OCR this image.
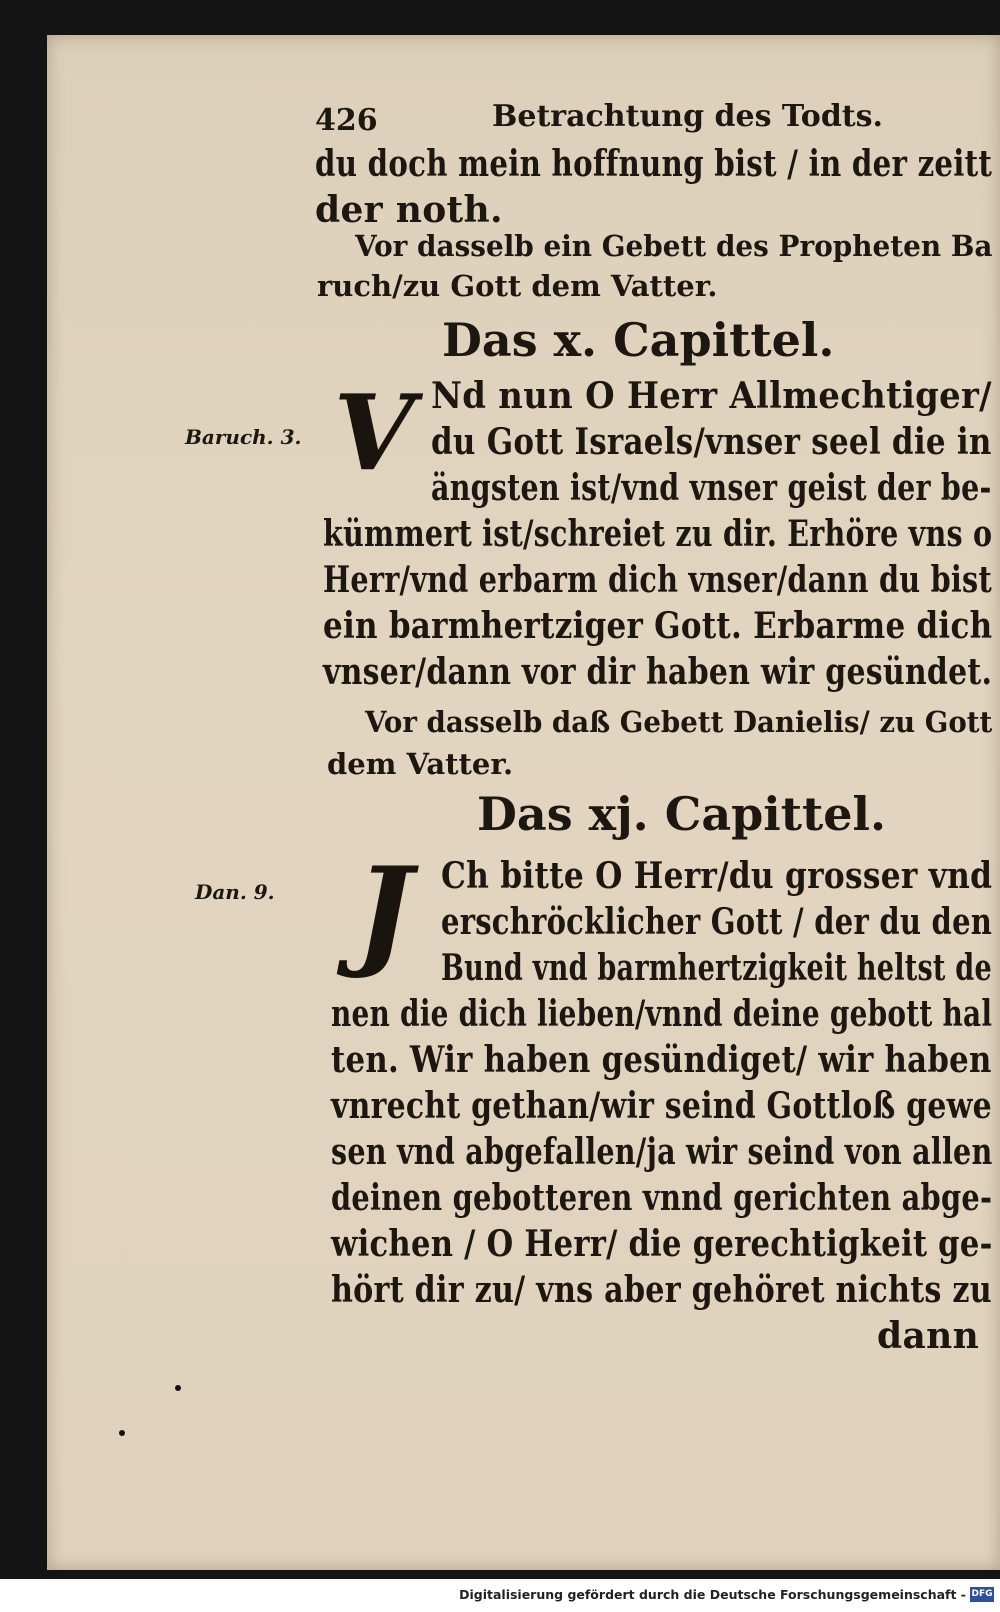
426	Betrachtung des Todts.
du doch mein hoffnung bist / in der zeitt
der noth.
Vor dasselb ein Gebett des Propheten Ba
ruch/zu Gott dem Vatter.
Das x. Capittel.
Baruch. 3. V Nd nun O Herr Allmechtiger/
du Gott Israels/vnser seel die in
ängsten ist/vnd vnser geist der be-
kümmert ist/schreiet zu dir. Erhöre vns o
Herr/vnd erbarm dich vnser/dann du bist
ein barmhertziger Gott. Erbarme dich
vnser/dann vor dir haben wir gesündet.
Vor dasselb daß Gebett Danielis/ zu Gott
dem Vatter.
Das xj. Capittel.
Dan. 9. J Ch bitte O Herr/du grosser vnd
erschröcklicher Gott / der du den
Bund vnd barmhertzigkeit heltst de
nen die dich lieben/vnnd deine gebott hal
ten. Wir haben gesündiget/ wir haben
vnrecht gethan/wir seind Gottloß gewe
sen vnd abgefallen/ja wir seind von allen
deinen gebotteren vnnd gerichten abge-
wichen / O Herr/ die gerechtigkeit ge-
hört dir zu/ vns aber gehöret nichts zu
dann
Digitalisierung gefördert durch die Deutsche Forschungsgemeinschaft - DFG
